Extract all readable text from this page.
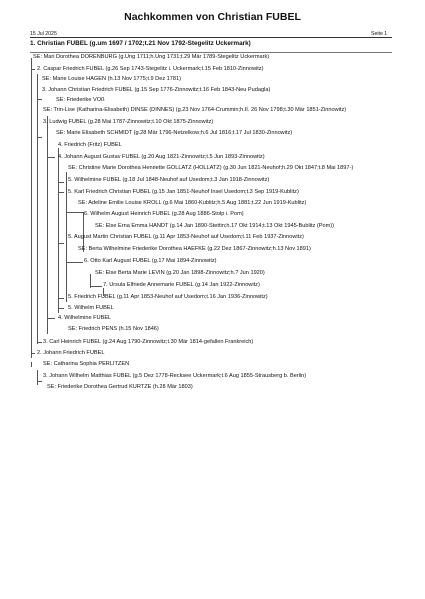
Nachkommen von Christian FUBEL
15 Jul 2025	Seite 1
1. Christian FUBEL (g.um 1697 / 1702;t.21 Nov 1792-Stegelitz Uckermark)
SE: Mari Dorothea DORENBURG (g.Ung 1711;h.Ung 1731;t.29 Mär 1789-Stegelitz Uckermark)
2. Caspar Friedrich FUBEL (g.26 Sep 1743-Stegelitz i. Uckermark;t.15 Feb 1810-Zinnowitz)
SE: Marie Louise HAGEN (h.13 Nov 1775;t.9 Dez 1781)
3. Johann Christian Friedrich FUBEL (g.15 Sep 1776-Zinnowitz;t.16 Feb 1843-Neu Pudagla)
SE: Friederike VOß
SE: Trin-Lise (Katharina-Elisabeth) DINSE (DINNES) (g.23 Nov 1764-Crummin;h.II. 26 Nov 1798;t.30 Mär 1851-Zinnowitz)
3. Ludwig FUBEL (g.28 Mai 1787-Zinnowitz;t.10 Okt 1875-Zinnowitz)
SE: Marie Elisabeth SCHMIDT (g.28 Mär 1796-Netzelkow;h.6 Jul 1816;t.17 Jul 1830-Zinnowitz)
4. Friedrich (Fritz) FUBEL
4. Johann August Gustav FUBEL (g.20 Aug 1821-Zinnowitz;t.5 Jun 1893-Zinnowitz)
SE: Christine Marie Dorothea Henriette GOLLATZ (HOLLATZ) (g.30 Jun 1821-Neuhof;h.29 Okt 1847;t.8 Mai 1897-)
5. Wilhelmine FUBEL (g.18 Jul 1848-Neuhof auf Usedom;t.3 Jan 1918-Zinnowitz)
5. Karl Friedrich Christian FUBEL (g.15 Jan 1851-Neuhof Insel Usedom;t.3 Sep 1919-Kublitz)
SE: Adeline Emilie Louise KROLL (g.6 Mai 1860-Kublitz;h.5 Aug 1881;t.22 Jun 1919-Kublitz)
6. Wilhelm August Heinrich FUBEL (g.28 Aug 1886-Stolp i. Pom)
SE: Else Erna Emma HANDT (g.14 Jan 1890-Stettin;h.17 Okt 1914;t.13 Okt 1945-Bublitz (Pom))
5. August Martin Christian FUBEL (g.11 Apr 1853-Neuhof auf Usedom;t.11 Feb 1937-Zinnowitz)
SE: Berta Wilhelmine Friederike Dorothea HAEFKE (g.22 Dez 1867-Zinnowitz;h.13 Nov 1891)
6. Otto Karl August FUBEL (g.17 Mai 1894-Zinnowitz)
SE: Else Berta Marie LEVIN (g.20 Jan 1898-Zinnowitz;h.? Jun 1920)
7. Ursula Elfriede Annemarie FUBEL (g.14 Jan 1922-Zinnowitz)
5. Friedrich FUBEL (g.11 Apr 1853-Neuhof auf Usedom;t.16 Jan 1936-Zinnowitz)
5. Wilhelm FUBEL
4. Wilhelmine FUBEL
SE: Friedrich PENS (h.15 Nov 1846)
3. Carl Heinrich FUBEL (g.24 Aug 1790-Zinnowitz;t.30 Mär 1814-gefallen Frankreich)
2. Johann Friedrich FUBEL
SE: Catharina Sophia PERLITZEN
3. Johann Wilhelm Matthias FUBEL (g.5 Dez 1778-Recksee Uckermark;t.6 Aug 1855-Strausberg b. Berlin)
SE: Friederike Dorothea Gertrud KURTZE (h.28 Mär 1803)
